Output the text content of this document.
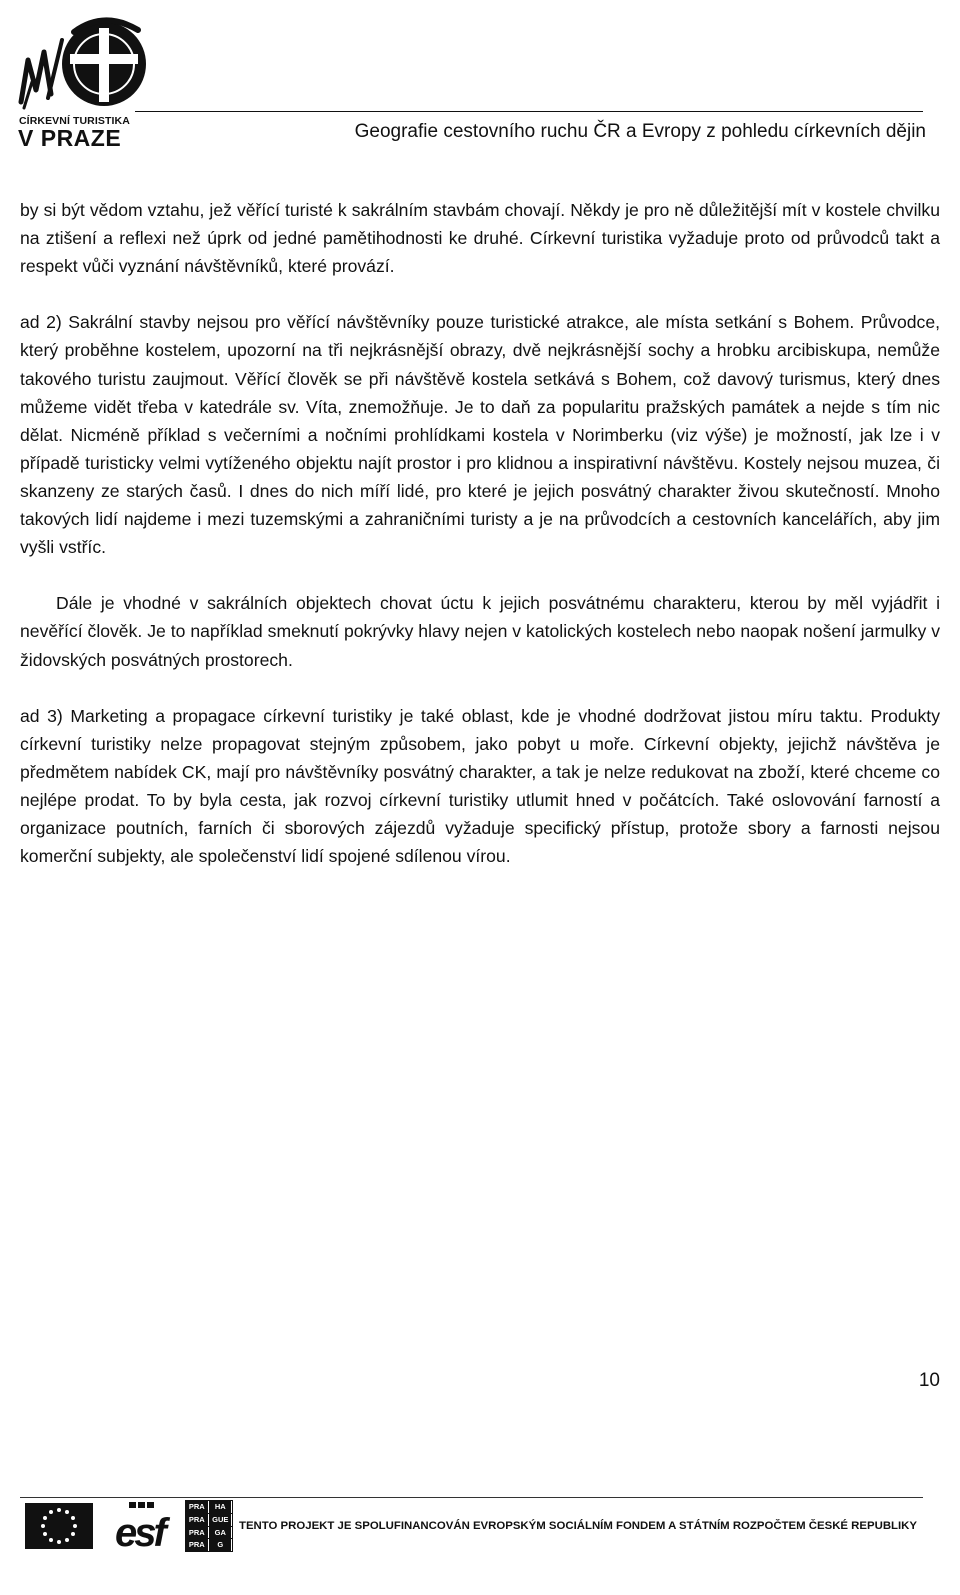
CÍRKEVNÍ TURISTIKA
V PRAZE	Geografie cestovního ruchu ČR a Evropy z pohledu církevních dějin

by si být vědom vztahu, jež věřící turisté k sakrálním stavbám chovají. Někdy je pro ně důležitější mít v kostele chvilku na ztišení a reflexi než úprk od jedné pamětihodnosti ke druhé. Církevní turistika vyžaduje proto od průvodců takt a respekt vůči vyznání návštěvníků, které provází.

ad 2) Sakrální stavby nejsou pro věřící návštěvníky pouze turistické atrakce, ale místa setkání s Bohem. Průvodce, který proběhne kostelem, upozorní na tři nejkrásnější obrazy, dvě nejkrásnější sochy a hrobku arcibiskupa, nemůže takového turistu zaujmout. Věřící člověk se při návštěvě kostela setkává s Bohem, což davový turismus, který dnes můžeme vidět třeba v katedrále sv. Víta, znemožňuje. Je to daň za popularitu pražských památek a nejde s tím nic dělat. Nicméně příklad s večerními a nočními prohlídkami kostela v Norimberku (viz výše) je možností, jak lze i v případě turisticky velmi vytíženého objektu najít prostor i pro klidnou a inspirativní návštěvu. Kostely nejsou muzea, či skanzeny ze starých časů. I dnes do nich míří lidé, pro které je jejich posvátný charakter živou skutečností. Mnoho takových lidí najdeme i mezi tuzemskými a zahraničními turisty a je na průvodcích a cestovních kancelářích, aby jim vyšli vstříc.

Dále je vhodné v sakrálních objektech chovat úctu k jejich posvátnému charakteru, kterou by měl vyjádřit i nevěřící člověk. Je to například smeknutí pokrývky hlavy nejen v katolických kostelech nebo naopak nošení jarmulky v židovských posvátných prostorech.

ad 3) Marketing a propagace církevní turistiky je také oblast, kde je vhodné dodržovat jistou míru taktu. Produkty církevní turistiky nelze propagovat stejným způsobem, jako pobyt u moře. Církevní objekty, jejichž návštěva je předmětem nabídek CK, mají pro návštěvníky posvátný charakter, a tak je nelze redukovat na zboží, které chceme co nejlépe prodat. To by byla cesta, jak rozvoj církevní turistiky utlumit hned v počátcích. Také oslovování farností a organizace poutních, farních či sborových zájezdů vyžaduje specifický přístup, protože sbory a farnosti nejsou komerční subjekty, ale společenství lidí spojené sdílenou vírou.

10
esf
PRA	HA
PRA GUE
PRA	GA
PRA	G
TENTO PROJEKT JE SPOLUFINANCOVÁN EVROPSKÝM SOCIÁLNÍM FONDEM A STÁTNÍM ROZPOČTEM ČESKÉ REPUBLIKY
